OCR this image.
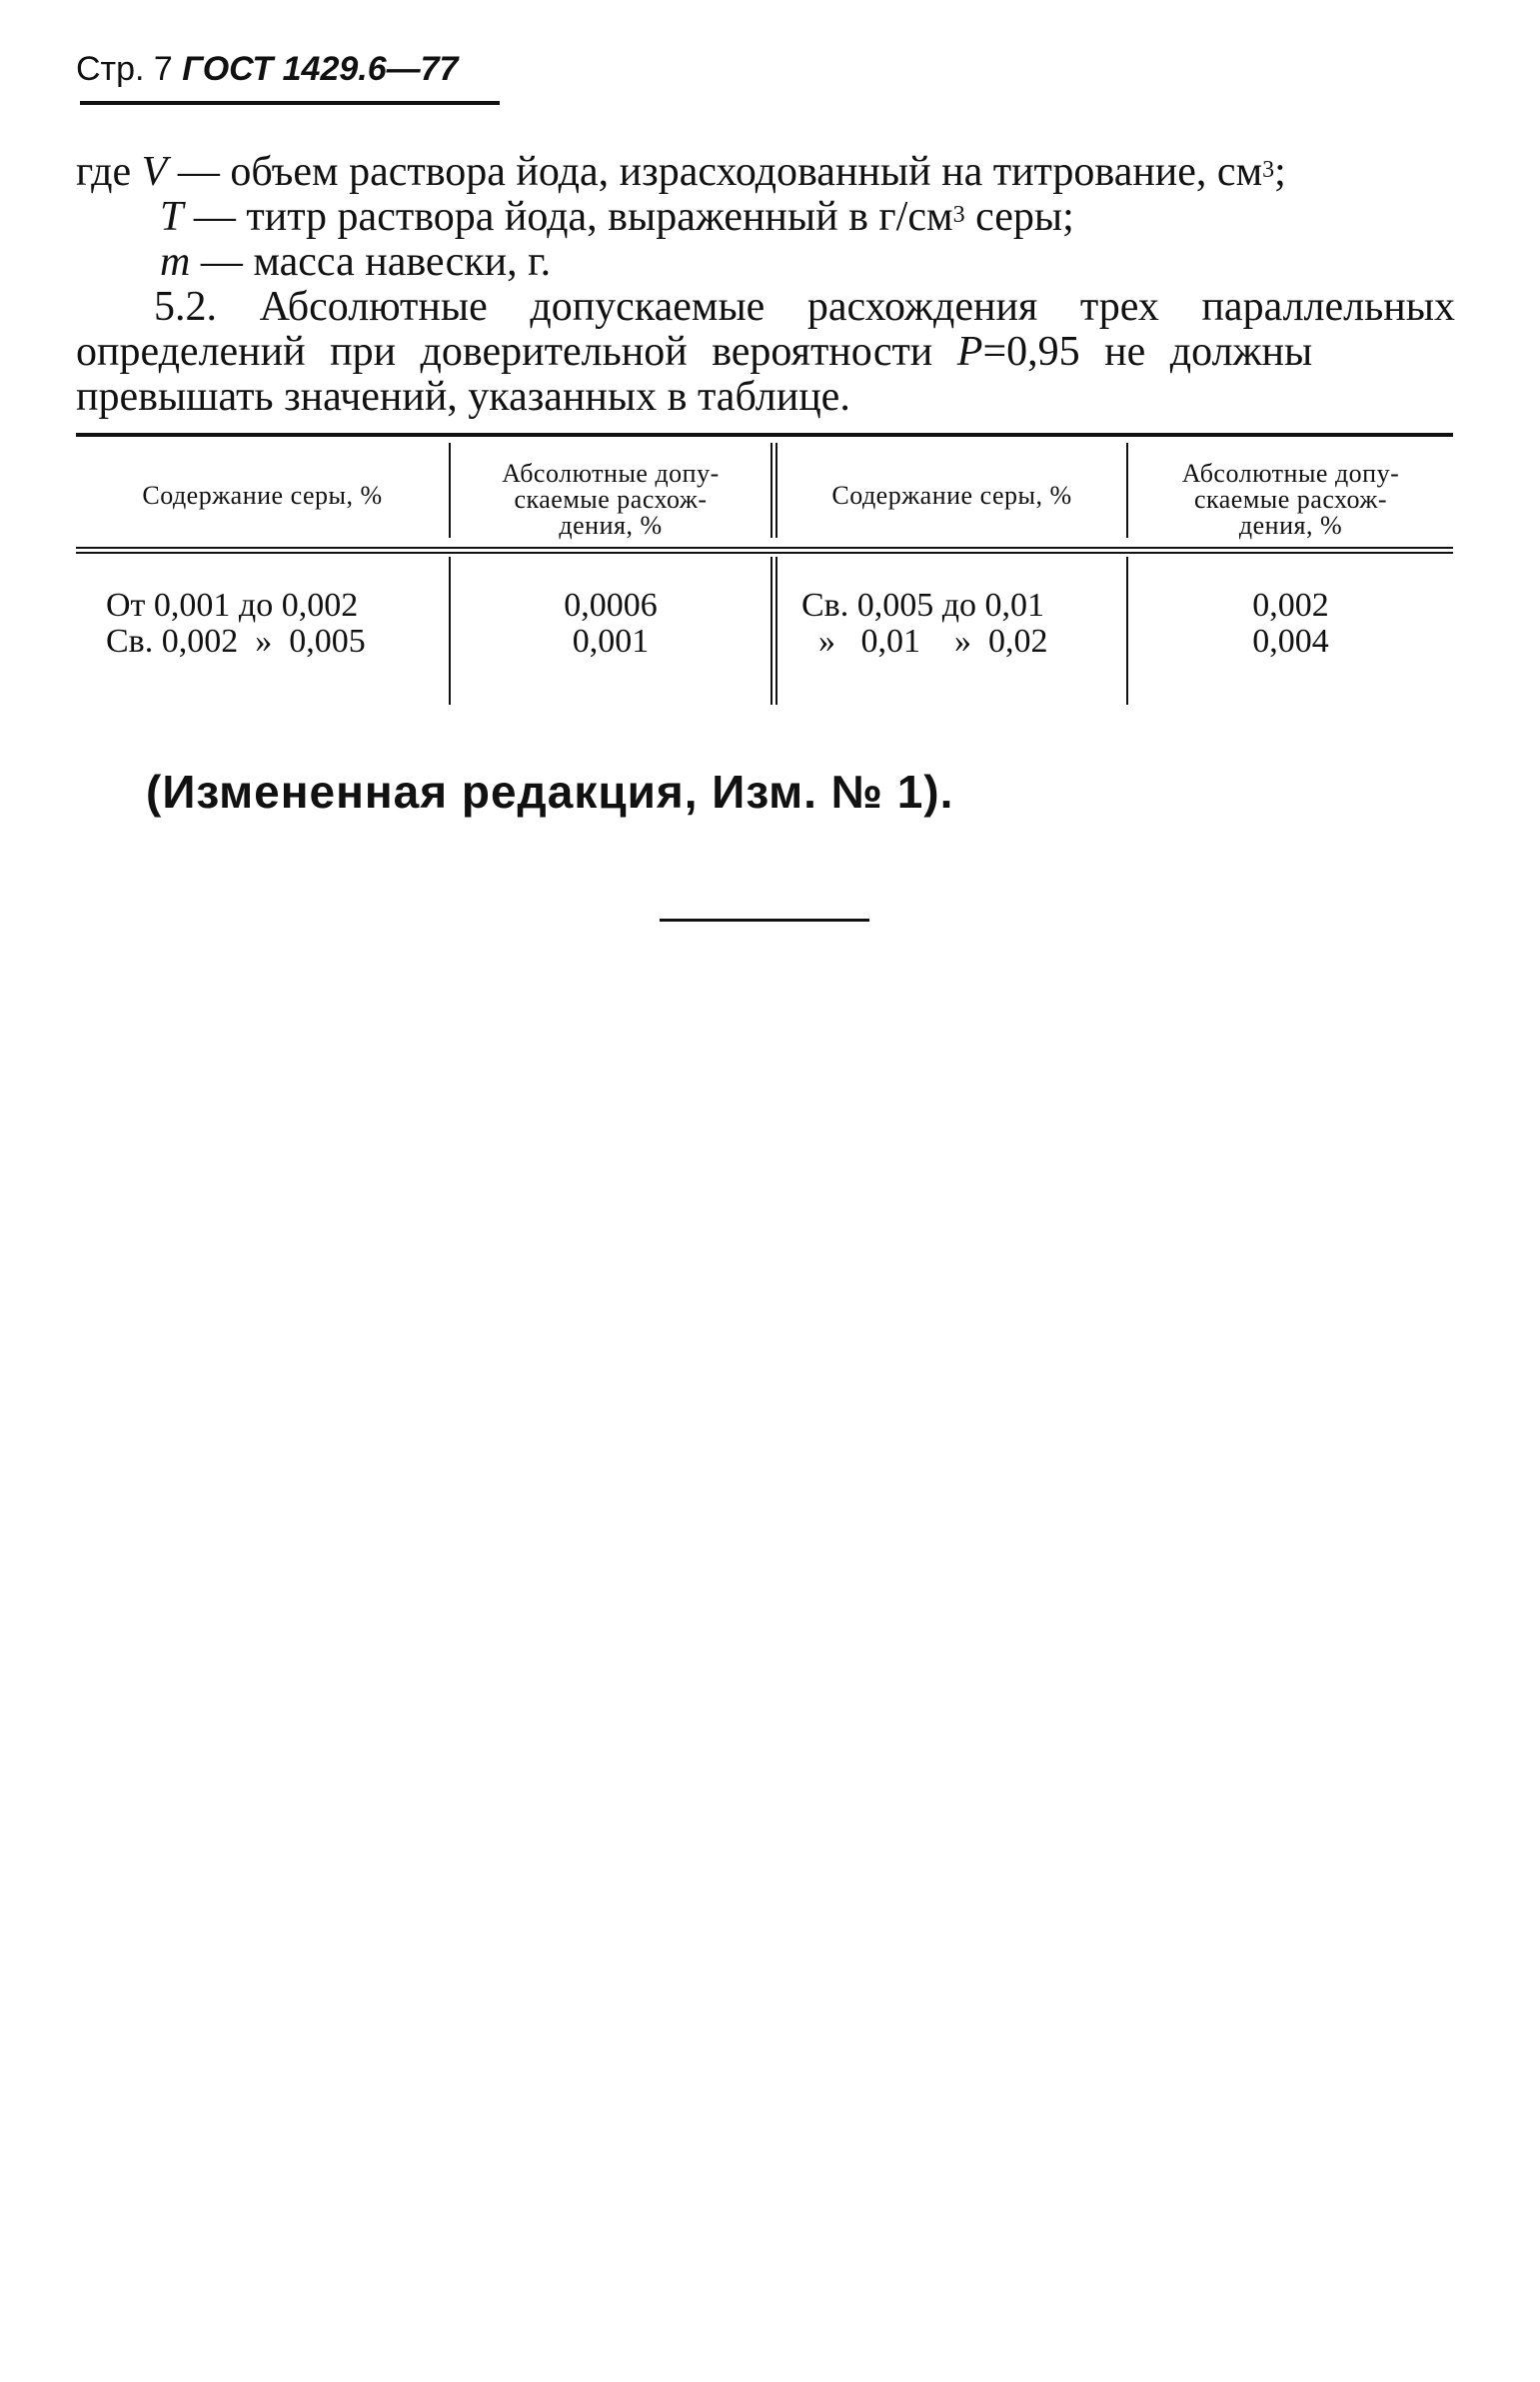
Стр. 7 ГОСТ 1429.6—77
где V — объем раствора йода, израсходованный на титрование, $см^3$;
T — титр раствора йода, выраженный в $г/см^3$ серы;
m — масса навески, г.
5.2. Абсолютные допускаемые расхождения трех параллельных
определений при доверительной вероятности P=0,95 не должны
превышать значений, указанных в таблице.
Содержание серы, %
Абсолютные допу-
скаемые расхож-
дения, %
Содержание серы, %
Абсолютные допу-
скаемые расхож-
дения, %
От 0,001 до 0,002
Св. 0,002  »  0,005
0,0006
0,001
Св. 0,005 до 0,01
»   0,01    »  0,02
0,002
0,004
(Измененная редакция, Изм. № 1).
